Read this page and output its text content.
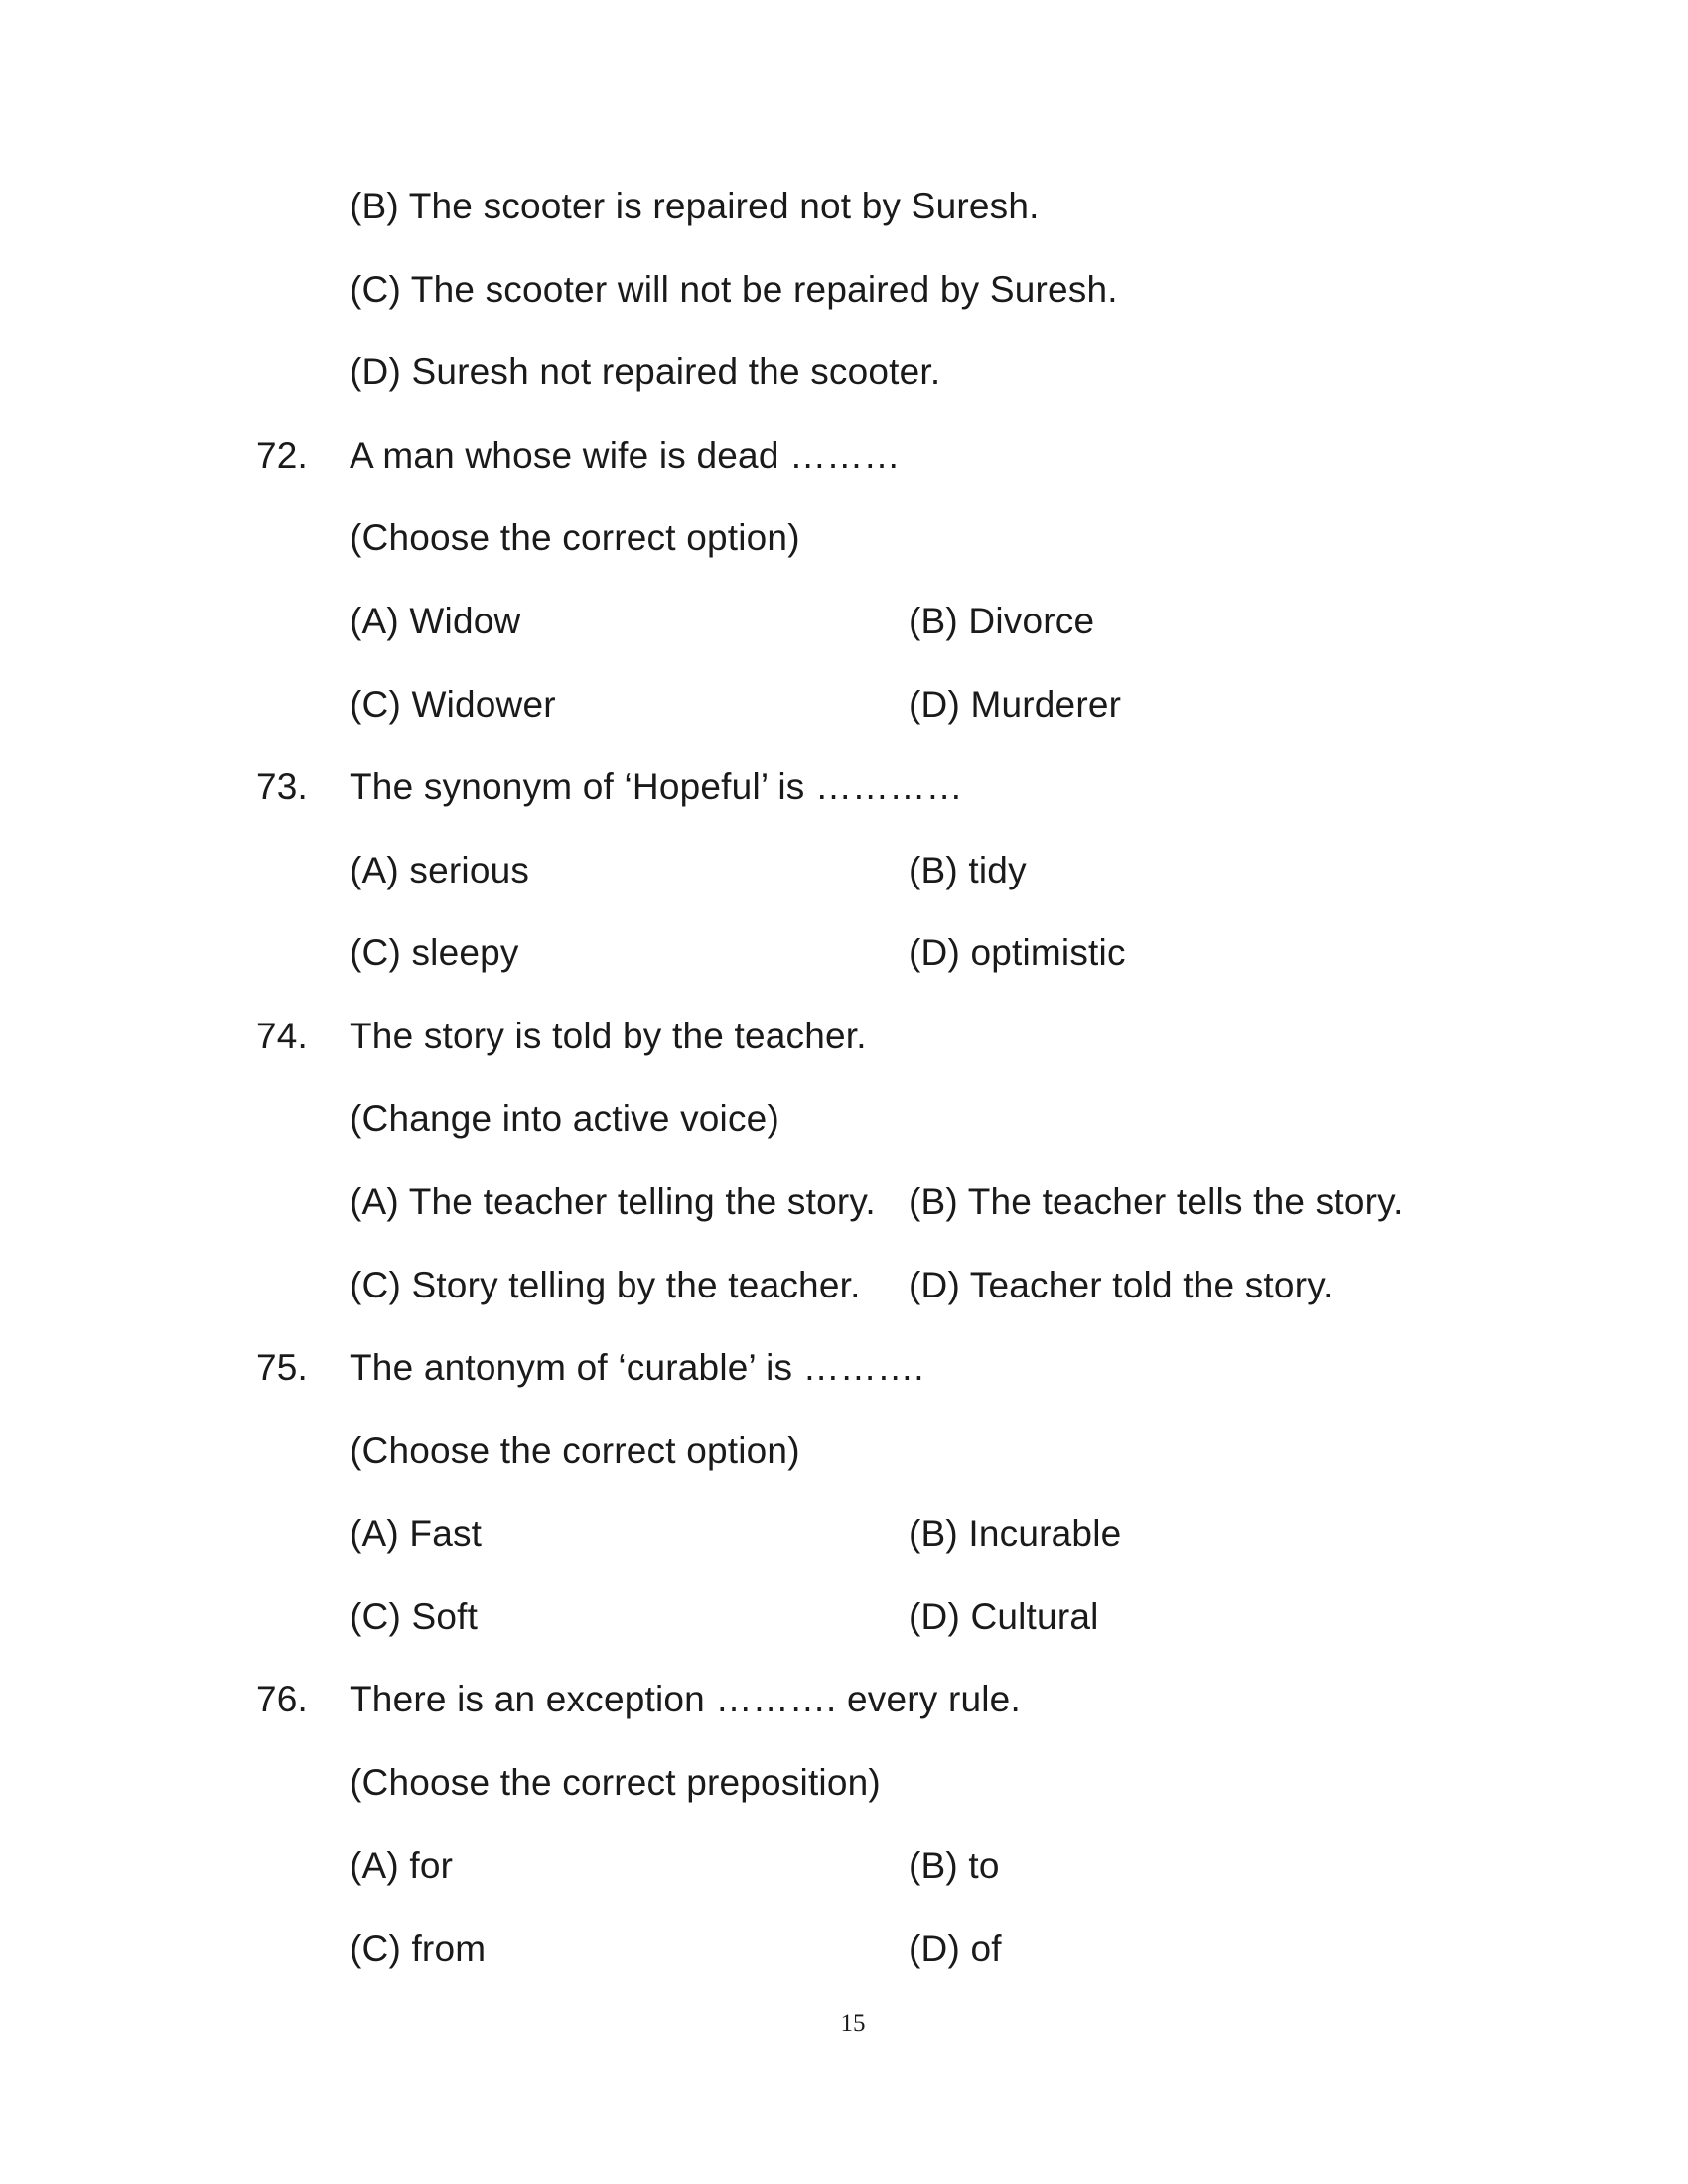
(B) The scooter is repaired not by Suresh.
(C) The scooter will not be repaired by Suresh.
(D) Suresh not repaired the scooter.
72. A man whose wife is dead ………
(Choose the correct option)
(A) Widow	(B) Divorce
(C) Widower	(D) Murderer
73. The synonym of ‘Hopeful’ is …………
(A) serious	(B) tidy
(C) sleepy	(D) optimistic
74. The story is told by the teacher.
(Change into active voice)
(A) The teacher telling the story. (B) The teacher tells the story.
(C) Story telling by the teacher. (D) Teacher told the story.
75. The antonym of ‘curable’ is ……….
(Choose the correct option)
(A) Fast	(B) Incurable
(C) Soft	(D) Cultural
76. There is an exception ………. every rule.
(Choose the correct preposition)
(A) for	(B) to
(C) from	(D) of
15
